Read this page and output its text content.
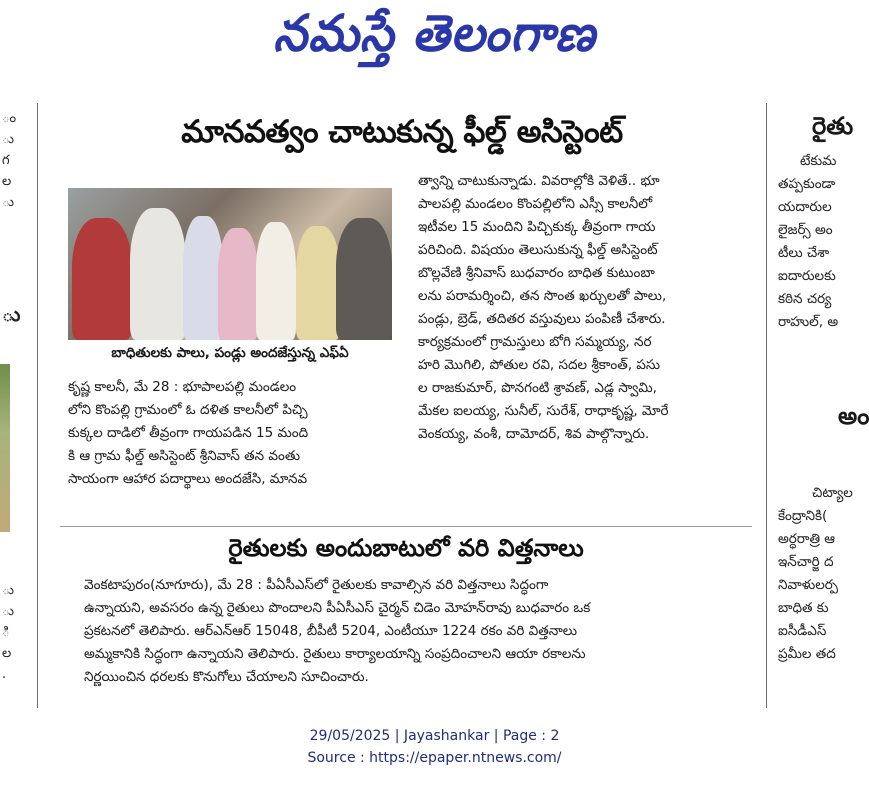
నమస్తే తెలంగాణ
ం
ు
గ
ల
ు
ు
ు
ు
ి
ల
.
మానవత్వం చాటుకున్న ఫీల్డ్ అసిస్టెంట్
బాధితులకు పాలు, పండ్లు అందజేస్తున్న ఎఫ్‌ఏ
కృష్ణ కాలనీ, మే 28 : భూపాలపల్లి మండలం
లోని కొంపల్లి గ్రామంలో ఓ దళిత కాలనీలో పిచ్చి
కుక్కల దాడిలో తీవ్రంగా గాయపడిన 15 మంది
కి ఆ గ్రామ ఫీల్డ్ అసిస్టెంట్ శ్రీనివాస్ తన వంతు
సాయంగా ఆహార పదార్థాలు అందజేసి, మానవ
త్వాన్ని చాటుకున్నాడు. వివరాల్లోకి వెళితే.. భూ
పాలపల్లి మండలం కొంపల్లిలోని ఎస్సీ కాలనీలో
ఇటీవల 15 మందిని పిచ్చికుక్క తీవ్రంగా గాయ
పరిచింది. విషయం తెలుసుకున్న ఫీల్డ్ అసిస్టెంట్
బొల్లవేణి శ్రీనివాస్ బుధవారం బాధిత కుటుంబా
లను పరామర్శించి, తన సొంత ఖర్చులతో పాలు,
పండ్లు, బ్రెడ్, తదితర వస్తువులు పంపిణీ చేశారు.
కార్యక్రమంలో గ్రామస్తులు బోగి సమ్మయ్య, నర
హరి మొగిలి, పోతుల రవి, సదల శ్రీకాంత్, పసు
ల రాజకుమార్, పొనగంటి శ్రావణ్, ఎడ్ల స్వామి,
మేకల ఐలయ్య, సునీల్, సురేశ్, రాధాకృష్ణ, మోరే
వెంకయ్య, వంశీ, దామోదర్, శివ పాల్గొన్నారు.
రైతులకు అందుబాటులో వరి విత్తనాలు
వెంకటాపురం(నూగూరు), మే 28 : పీఏసీఎస్‌లో రైతులకు కావాల్సిన వరి విత్తనాలు సిద్ధంగా
ఉన్నాయని, అవసరం ఉన్న రైతులు పొందాలని పీఏసీఎస్ చైర్మన్ చిడెం మోహన్‌రావు బుధవారం ఒక
ప్రకటనలో తెలిపారు. ఆర్‌ఎన్‌ఆర్ 15048, బీపీటీ 5204, ఎంటీయూ 1224 రకం వరి విత్తనాలు
అమ్మకానికి సిద్ధంగా ఉన్నాయని తెలిపారు. రైతులు కార్యాలయాన్ని సంప్రదించాలని ఆయా రకాలను
నిర్ణయించిన ధరలకు కొనుగోలు చేయాలని సూచించారు.
రైతు
టేకుమ
తప్పకుండా
యదారుల
లైజర్స్ అం
టీలు చేశా
ఐదారులకు
కఠిన చర్య
రాహుల్, అ
అం
చిట్యాల
కేంద్రానికి(
అర్ధరాత్రి ఆ
ఇన్‌చార్జి ద
నివాళులర్ప
బాధిత కు
ఐసీడీఎస్
ప్రమీల తద
29/05/2025 | Jayashankar | Page : 2
Source : https://epaper.ntnews.com/
